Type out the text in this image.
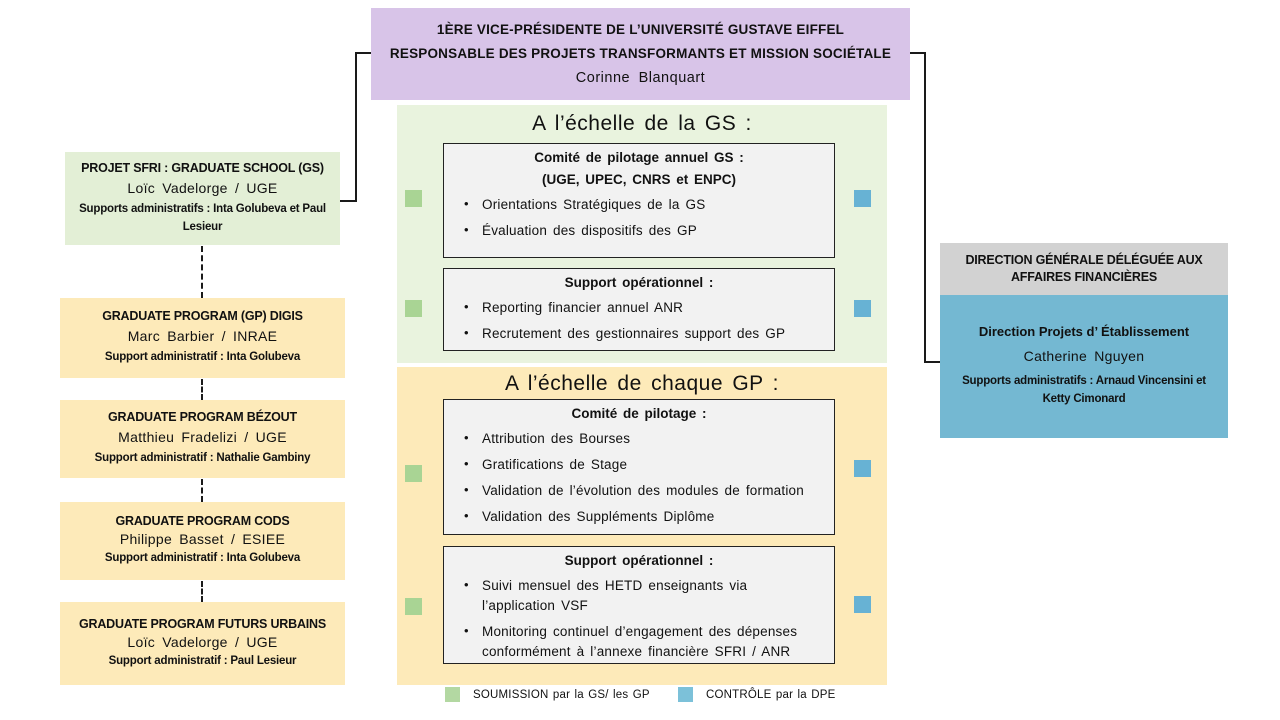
1ÈRE VICE-PRÉSIDENTE DE L’UNIVERSITÉ GUSTAVE EIFFEL
RESPONSABLE DES PROJETS TRANSFORMANTS ET MISSION SOCIÉTALE
Corinne Blanquart
PROJET SFRI : GRADUATE SCHOOL (GS)
Loïc Vadelorge / UGE
Supports administratifs : Inta Golubeva et Paul Lesieur
GRADUATE PROGRAM (GP) DIGIS
Marc Barbier / INRAE
Support administratif : Inta Golubeva
GRADUATE PROGRAM BÉZOUT
Matthieu Fradelizi / UGE
Support administratif : Nathalie Gambiny
GRADUATE PROGRAM CODS
Philippe Basset / ESIEE
Support administratif : Inta Golubeva
GRADUATE PROGRAM FUTURS URBAINS
Loïc Vadelorge / UGE
Support administratif : Paul Lesieur
A l’échelle de la GS :
Comité de pilotage annuel GS :
(UGE, UPEC, CNRS et ENPC)
• Orientations Stratégiques de la GS
• Évaluation des dispositifs des GP
Support opérationnel :
• Reporting financier annuel ANR
• Recrutement des gestionnaires support des GP
A l’échelle de chaque GP :
Comité de pilotage :
• Attribution des Bourses
• Gratifications de Stage
• Validation de l’évolution des modules de formation
• Validation des Suppléments Diplôme
Support opérationnel :
• Suivi mensuel des HETD enseignants via l’application VSF
• Monitoring continuel d’engagement des dépenses conformément à l’annexe financière SFRI / ANR
DIRECTION GÉNÉRALE DÉLÉGUÉE AUX AFFAIRES FINANCIÈRES
Direction Projets d’ Établissement
Catherine Nguyen
Supports administratifs : Arnaud Vincensini et Ketty Cimonard
SOUMISSION par la GS/ les GP	CONTRÔLE par la DPE
